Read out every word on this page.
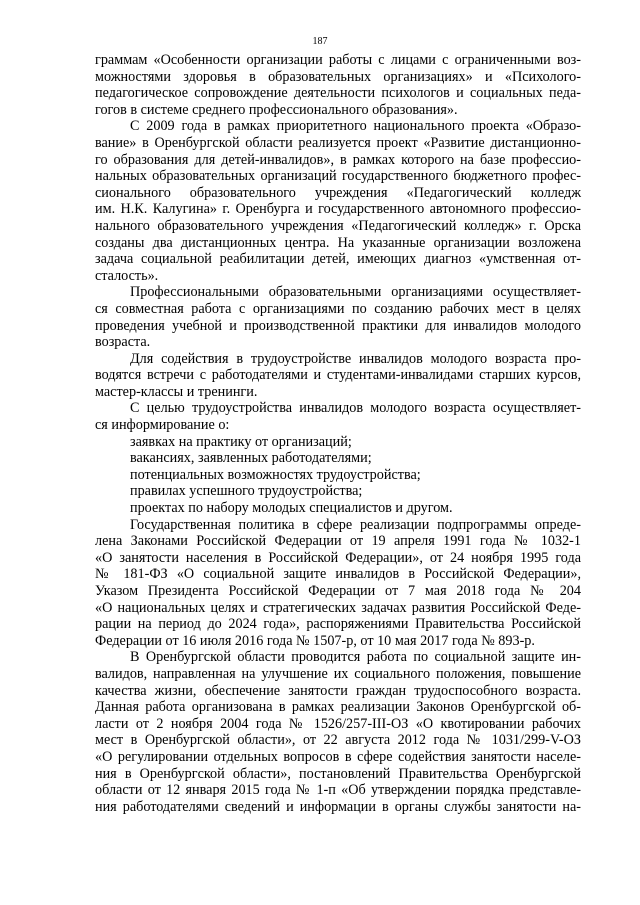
187
граммам «Особенности организации работы с лицами с ограниченными воз-
можностями здоровья в образовательных организациях» и «Психолого-
педагогическое сопровождение деятельности психологов и социальных педа-
гогов в системе среднего профессионального образования».
С 2009 года в рамках приоритетного национального проекта «Образо-
вание» в Оренбургской области реализуется проект «Развитие дистанционно-
го образования для детей-инвалидов», в рамках которого на базе профессио-
нальных образовательных организаций государственного бюджетного профес-
сионального образовательного учреждения «Педагогический колледж
им. Н.К. Калугина» г. Оренбурга и государственного автономного профессио-
нального образовательного учреждения «Педагогический колледж» г. Орска
созданы два дистанционных центра. На указанные организации возложена
задача социальной реабилитации детей, имеющих диагноз «умственная от-
сталость».
Профессиональными образовательными организациями осуществляет-
ся совместная работа с организациями по созданию рабочих мест в целях
проведения учебной и производственной практики для инвалидов молодого
возраста.
Для содействия в трудоустройстве инвалидов молодого возраста про-
водятся встречи с работодателями и студентами-инвалидами старших курсов,
мастер-классы и тренинги.
С целью трудоустройства инвалидов молодого возраста осуществляет-
ся информирование о:
заявках на практику от организаций;
вакансиях, заявленных работодателями;
потенциальных возможностях трудоустройства;
правилах успешного трудоустройства;
проектах по набору молодых специалистов и другом.
Государственная политика в сфере реализации подпрограммы опреде-
лена Законами Российской Федерации от 19 апреля 1991 года № 1032-1
«О занятости населения в Российской Федерации», от 24 ноября 1995 года
№ 181-ФЗ «О социальной защите инвалидов в Российской Федерации»,
Указом Президента Российской Федерации от 7 мая 2018 года № 204
«О национальных целях и стратегических задачах развития Российской Феде-
рации на период до 2024 года», распоряжениями Правительства Российской
Федерации от 16 июля 2016 года № 1507-р, от 10 мая 2017 года № 893-р.
В Оренбургской области проводится работа по социальной защите ин-
валидов, направленная на улучшение их социального положения, повышение
качества жизни, обеспечение занятости граждан трудоспособного возраста.
Данная работа организована в рамках реализации Законов Оренбургской об-
ласти от 2 ноября 2004 года № 1526/257-III-ОЗ «О квотировании рабочих
мест в Оренбургской области», от 22 августа 2012 года № 1031/299-V-ОЗ
«О регулировании отдельных вопросов в сфере содействия занятости населе-
ния в Оренбургской области», постановлений Правительства Оренбургской
области от 12 января 2015 года № 1-п «Об утверждении порядка представле-
ния работодателями сведений и информации в органы службы занятости на-
